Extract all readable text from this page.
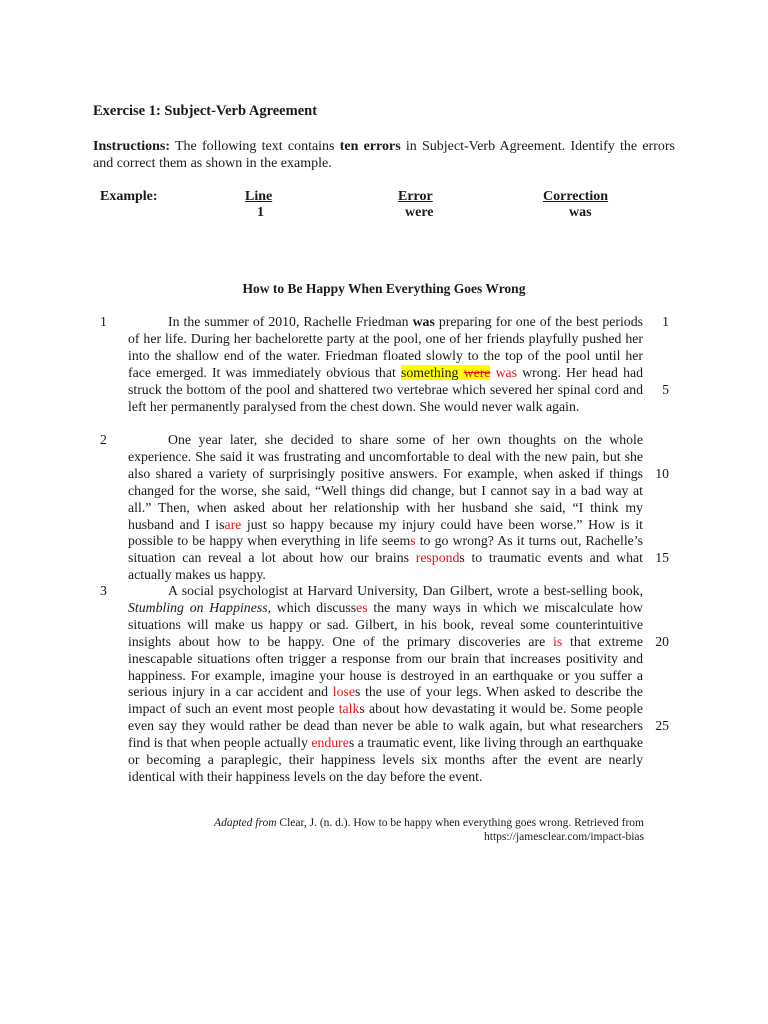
Exercise 1: Subject-Verb Agreement
Instructions: The following text contains ten errors in Subject-Verb Agreement. Identify the errors and correct them as shown in the example.
Example:	Line	Error	Correction
1	were	was
How to Be Happy When Everything Goes Wrong
1
2
3
1
5
10
15
20
25
In the summer of 2010, Rachelle Friedman was preparing for one of the best periods of her life. During her bachelorette party at the pool, one of her friends playfully pushed her into the shallow end of the water. Friedman floated slowly to the top of the pool until her face emerged. It was immediately obvious that something were was wrong. Her head had struck the bottom of the pool and shattered two vertebrae which severed her spinal cord and left her permanently paralysed from the chest down. She would never walk again.
One year later, she decided to share some of her own thoughts on the whole experience. She said it was frustrating and uncomfortable to deal with the new pain, but she also shared a variety of surprisingly positive answers. For example, when asked if things changed for the worse, she said, “Well things did change, but I cannot say in a bad way at all.” Then, when asked about her relationship with her husband she said, “I think my husband and I isare just so happy because my injury could have been worse.” How is it possible to be happy when everything in life seems to go wrong? As it turns out, Rachelle’s situation can reveal a lot about how our brains responds to traumatic events and what actually makes us happy.
A social psychologist at Harvard University, Dan Gilbert, wrote a best-selling book, Stumbling on Happiness, which discusses the many ways in which we miscalculate how situations will make us happy or sad. Gilbert, in his book, reveal some counterintuitive insights about how to be happy. One of the primary discoveries are is that extreme inescapable situations often trigger a response from our brain that increases positivity and happiness. For example, imagine your house is destroyed in an earthquake or you suffer a serious injury in a car accident and loses the use of your legs. When asked to describe the impact of such an event most people talks about how devastating it would be. Some people even say they would rather be dead than never be able to walk again, but what researchers find is that when people actually endures a traumatic event, like living through an earthquake or becoming a paraplegic, their happiness levels six months after the event are nearly identical with their happiness levels on the day before the event.
Adapted from Clear, J. (n. d.). How to be happy when everything goes wrong. Retrieved from
https://jamesclear.com/impact-bias
